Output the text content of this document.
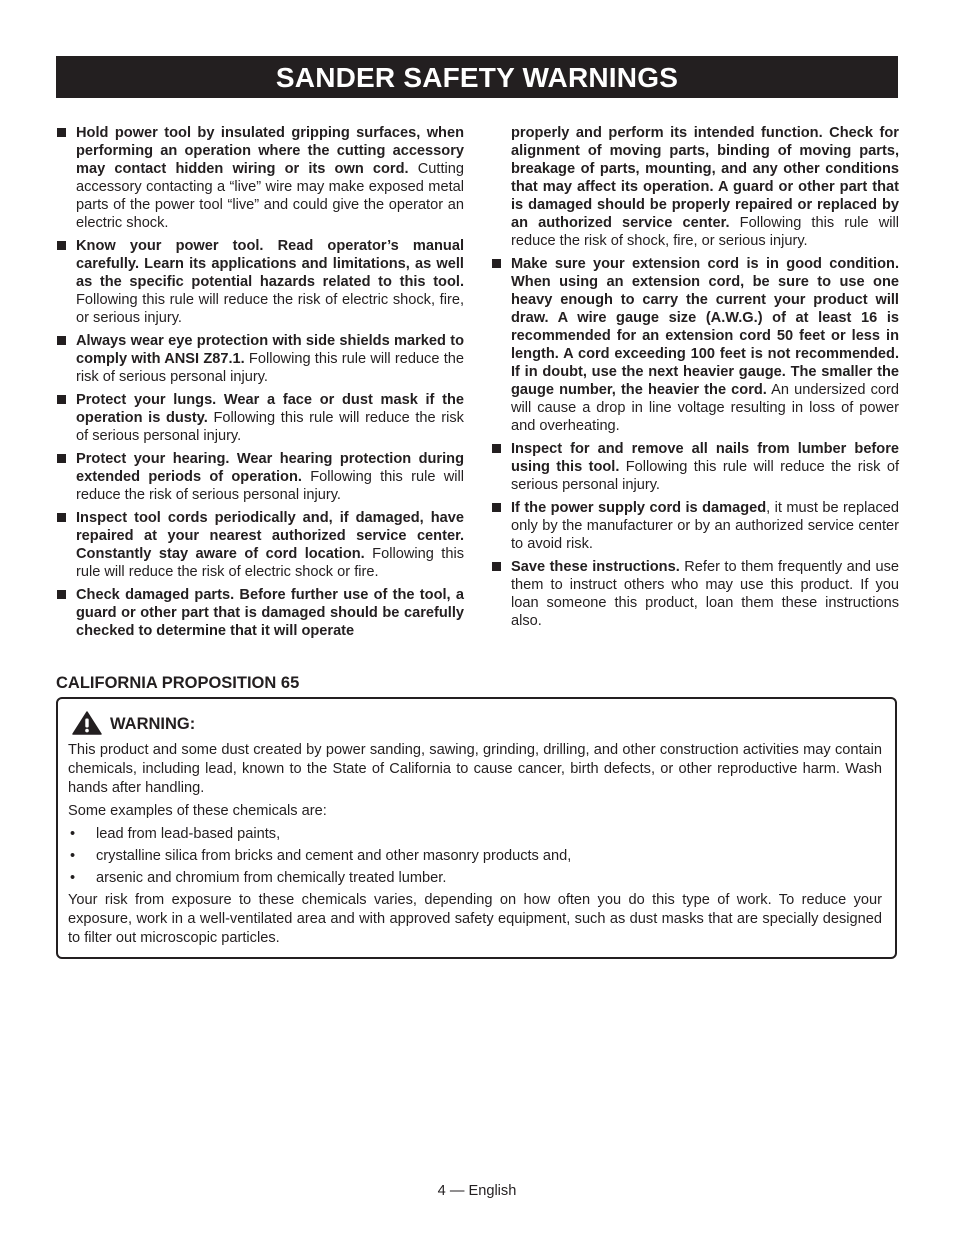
SANDER SAFETY WARNINGS
Hold power tool by insulated gripping surfaces, when performing an operation where the cutting accessory may contact hidden wiring or its own cord. Cutting accessory contacting a “live” wire may make exposed metal parts of the power tool “live” and could give the operator an electric shock.
Know your power tool. Read operator’s manual carefully. Learn its applications and limitations, as well as the specific potential hazards related to this tool. Following this rule will reduce the risk of electric shock, fire, or serious injury.
Always wear eye protection with side shields marked to comply with ANSI Z87.1. Following this rule will reduce the risk of serious personal injury.
Protect your lungs. Wear a face or dust mask if the operation is dusty. Following this rule will reduce the risk of serious personal injury.
Protect your hearing. Wear hearing protection during extended periods of operation. Following this rule will reduce the risk of serious personal injury.
Inspect tool cords periodically and, if damaged, have repaired at your nearest authorized service center. Constantly stay aware of cord location. Following this rule will reduce the risk of electric shock or fire.
Check damaged parts. Before further use of the tool, a guard or other part that is damaged should be carefully checked to determine that it will operate
properly and perform its intended function. Check for alignment of moving parts, binding of moving parts, breakage of parts, mounting, and any other conditions that may affect its operation. A guard or other part that is damaged should be properly repaired or replaced by an authorized service center. Following this rule will reduce the risk of shock, fire, or serious injury.
Make sure your extension cord is in good condition. When using an extension cord, be sure to use one heavy enough to carry the current your product will draw. A wire gauge size (A.W.G.) of at least 16 is recommended for an extension cord 50 feet or less in length. A cord exceeding 100 feet is not recommended. If in doubt, use the next heavier gauge. The smaller the gauge number, the heavier the cord. An undersized cord will cause a drop in line voltage resulting in loss of power and overheating.
Inspect for and remove all nails from lumber before using this tool. Following this rule will reduce the risk of serious personal injury.
If the power supply cord is damaged, it must be replaced only by the manufacturer or by an authorized service center to avoid risk.
Save these instructions. Refer to them frequently and use them to instruct others who may use this product. If you loan someone this product, loan them these instructions also.
CALIFORNIA PROPOSITION 65
WARNING:

This product and some dust created by power sanding, sawing, grinding, drilling, and other construction activities may contain chemicals, including lead, known to the State of California to cause cancer, birth defects, or other reproductive harm. Wash hands after handling.

Some examples of these chemicals are:

• lead from lead-based paints,
• crystalline silica from bricks and cement and other masonry products and,
• arsenic and chromium from chemically treated lumber.

Your risk from exposure to these chemicals varies, depending on how often you do this type of work. To reduce your exposure, work in a well-ventilated area and with approved safety equipment, such as dust masks that are specially designed to filter out microscopic particles.

4 — English
